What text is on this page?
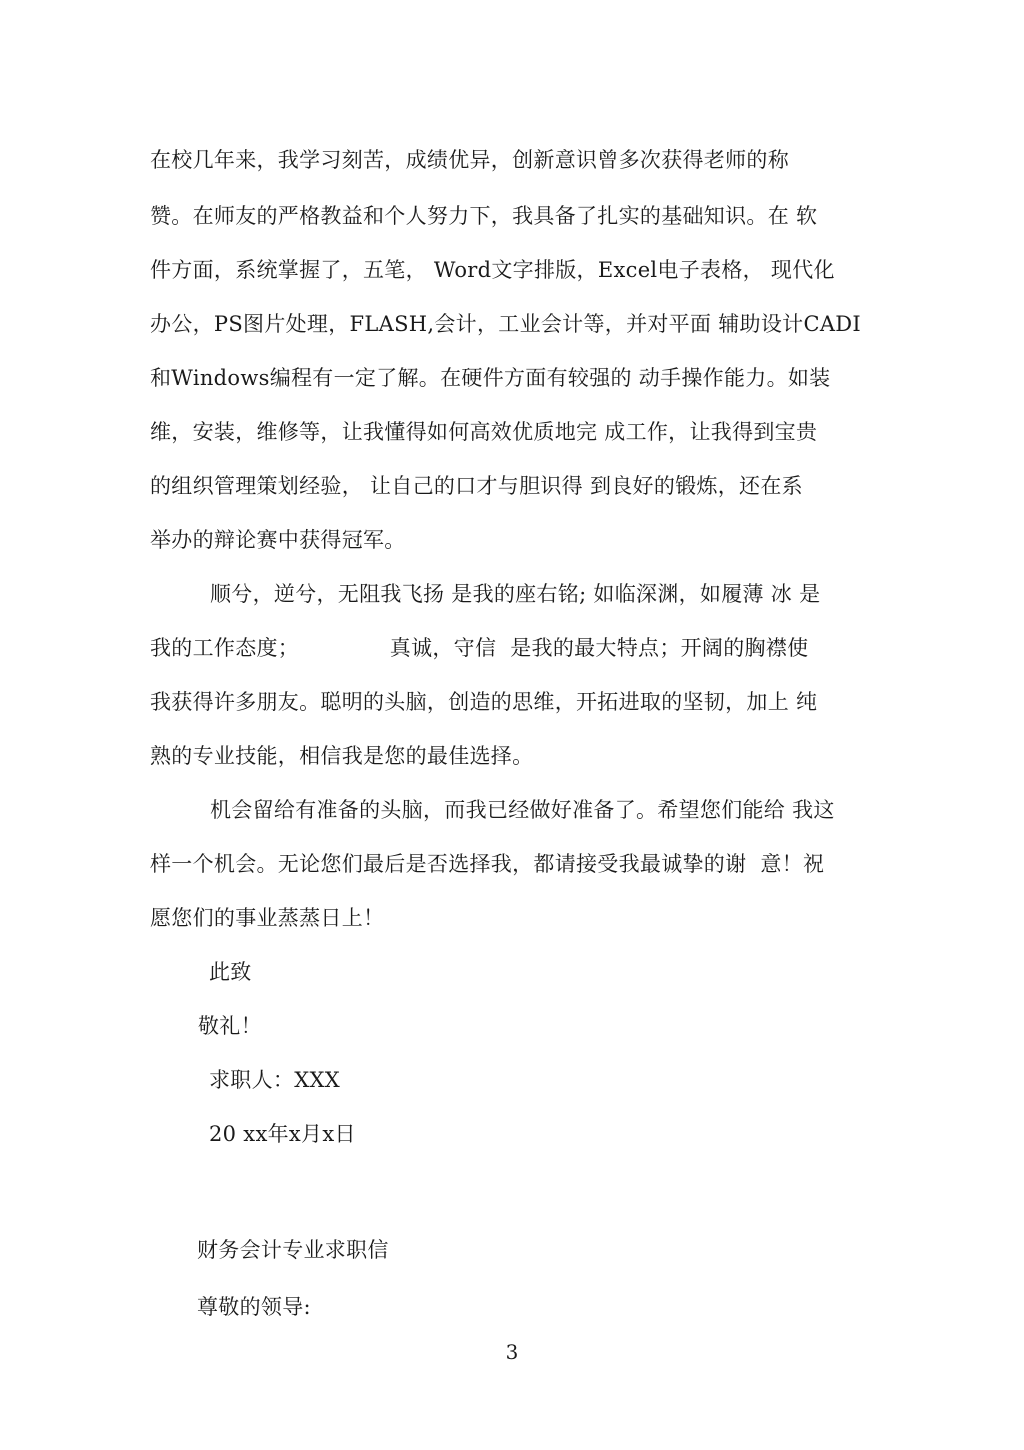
在校几年来，我学习刻苦，成绩优异，创新意识曾多次获得老师的称
赞。在师友的严格教益和个人努力下，我具备了扎实的基础知识。在 软
件方面，系统掌握了，五笔， Word文字排版，Excel电子表格， 现代化
办公，PS图片处理，FLASH,会计，工业会计等，并对平面 辅助设计CADI
和Windows编程有一定了解。在硬件方面有较强的 动手操作能力。如装
维，安装，维修等，让我懂得如何高效优质地完 成工作，让我得到宝贵
的组织管理策划经验， 让自己的口才与胆识得 到良好的锻炼，还在系
举办的辩论赛中获得冠军。
顺兮，逆兮，无阻我飞扬 是我的座右铭; 如临深渊，如履薄 冰 是
我的工作态度；             真诚，守信  是我的最大特点；开阔的胸襟使
我获得许多朋友。聪明的头脑，创造的思维，开拓进取的坚韧，加上 纯
熟的专业技能，相信我是您的最佳选择。
机会留给有准备的头脑，而我已经做好准备了。希望您们能给 我这
样一个机会。无论您们最后是否选择我，都请接受我最诚挚的谢  意！祝
愿您们的事业蒸蒸日上！
此致
敬礼！
求职人：XXX
20 xx年x月x日
财务会计专业求职信
尊敬的领导:
3
